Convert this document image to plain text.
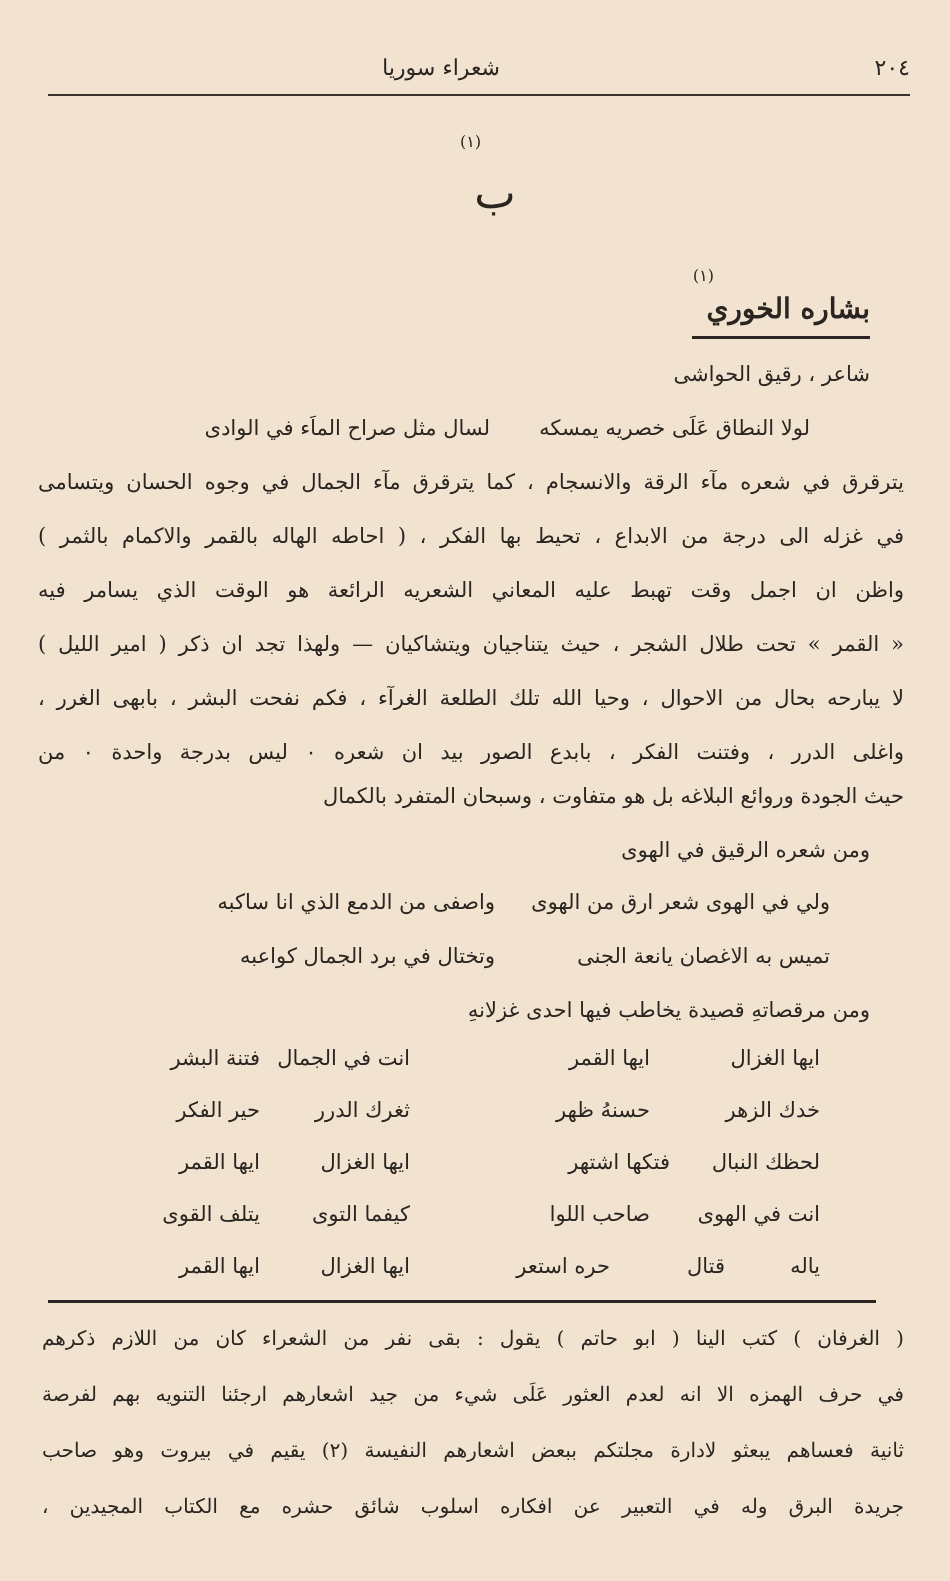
٢٠٤
شعراء سوريا
(١)
ب
(١)
بشاره الخوري
شاعر ، رقيق الحواشى
لولا النطاق عَلَى خصريه يمسكه
لسال مثل صراح الماَء في الوادى
يترقرق في شعره مآء الرقة والانسجام ، كما يترقرق مآء الجمال في وجوه الحسان ويتسامى
في غزله الى درجة من الابداع ، تحيط بها الفكر ، ( احاطه الهاله بالقمر والاكمام بالثمر )
واظن ان اجمل وقت تهبط عليه المعاني الشعريه الرائعة هو الوقت الذي يسامر فيه
« القمر » تحت طلال الشجر ، حيث يتناجيان ويتشاكيان — ولهذا تجد ان ذكر ( امير الليل )
لا يبارحه بحال من الاحوال ، وحيا الله تلك الطلعة الغرآء ، فكم نفحت البشر ، بابهى الغرر ،
واغلى الدرر ، وفتنت الفكر ، بابدع الصور بيد ان شعره ٠ ليس بدرجة واحدة ٠ من
حيث الجودة وروائع البلاغه بل هو متفاوت ، وسبحان المتفرد بالكمال
ومن شعره الرقيق في الهوى
ولي في الهوى شعر ارق من الهوى
واصفى من الدمع الذي انا ساكبه
تميس به الاغصان يانعة الجنى
وتختال في برد الجمال كواعبه
ومن مرقصاتهِ قصيدة يخاطب فيها احدى غزلانهِ
ايها الغزال
ايها القمر
انت في الجمال
فتنة البشر
خدك الزهر
حسنهُ ظهر
ثغرك الدرر
حير الفكر
لحظك النبال
فتكها اشتهر
ايها الغزال
ايها القمر
انت في الهوى
صاحب اللوا
كيفما التوى
يتلف القوى
ياله
قتال
حره استعر
ايها الغزال
ايها القمر
( الغرفان ) كتب الينا ( ابو حاتم ) يقول : بقى نفر من الشعراء كان من اللازم ذكرهم
في حرف الهمزه الا انه لعدم العثور عَلَى شيء من جيد اشعارهم ارجئنا التنويه بهم لفرصة
ثانية فعساهم يبعثو لادارة مجلتكم ببعض اشعارهم النفيسة (٢) يقيم في بيروت وهو صاحب
جريدة البرق وله في التعبير عن افكاره اسلوب شائق حشره مع الكتاب المجيدين ،
